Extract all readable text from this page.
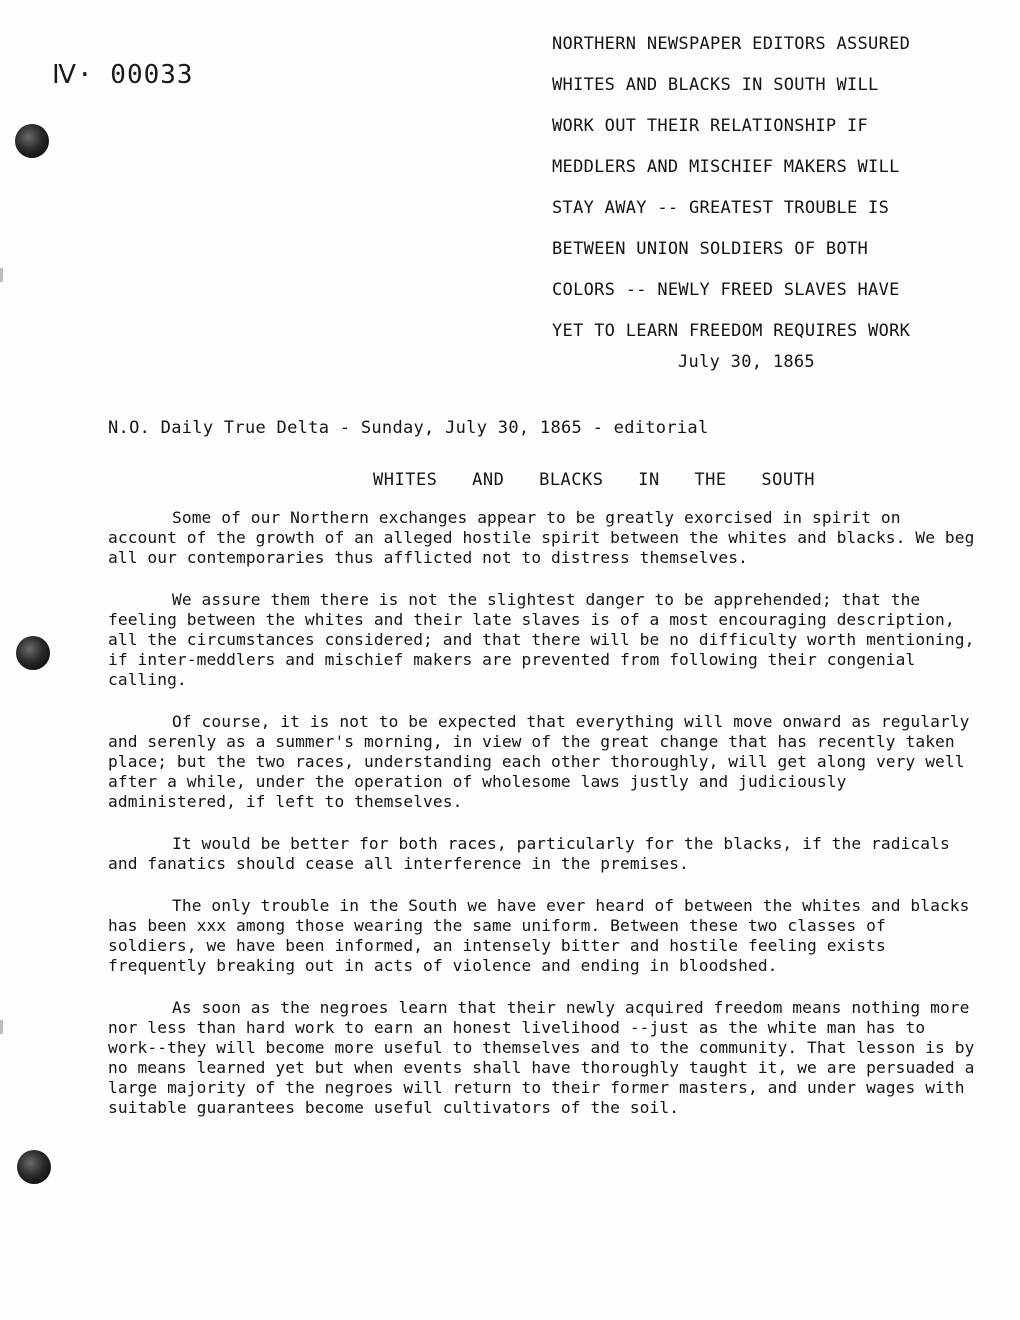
Ⅳ· 00033
NORTHERN NEWSPAPER EDITORS ASSURED
WHITES AND BLACKS IN SOUTH WILL
WORK OUT THEIR RELATIONSHIP IF
MEDDLERS AND MISCHIEF MAKERS WILL
STAY AWAY -- GREATEST TROUBLE IS
BETWEEN UNION SOLDIERS OF BOTH
COLORS -- NEWLY FREED SLAVES HAVE
YET TO LEARN FREEDOM REQUIRES WORK
July 30, 1865
N.O. Daily True Delta - Sunday, July 30, 1865 - editorial
WHITES AND BLACKS IN THE SOUTH

Some of our Northern exchanges appear to be greatly exorcised in spirit on account of the growth of an alleged hostile spirit between the whites and blacks. We beg all our contemporaries thus afflicted not to distress themselves.

We assure them there is not the slightest danger to be apprehended; that the feeling between the whites and their late slaves is of a most encouraging description, all the circumstances considered; and that there will be no difficulty worth mentioning, if inter-meddlers and mischief makers are prevented from following their congenial calling.

Of course, it is not to be expected that everything will move onward as regularly and serenly as a summer's morning, in view of the great change that has recently taken place; but the two races, understanding each other thoroughly, will get along very well after a while, under the operation of wholesome laws justly and judiciously administered, if left to themselves.

It would be better for both races, particularly for the blacks, if the radicals and fanatics should cease all interference in the premises.

The only trouble in the South we have ever heard of between the whites and blacks has been xxx among those wearing the same uniform. Between these two classes of soldiers, we have been informed, an intensely bitter and hostile feeling exists frequently breaking out in acts of violence and ending in bloodshed.

As soon as the negroes learn that their newly acquired freedom means nothing more nor less than hard work to earn an honest livelihood --just as the white man has to work--they will become more useful to themselves and to the community. That lesson is by no means learned yet but when events shall have thoroughly taught it, we are persuaded a large majority of the negroes will return to their former masters, and under wages with suitable guarantees become useful cultivators of the soil.
